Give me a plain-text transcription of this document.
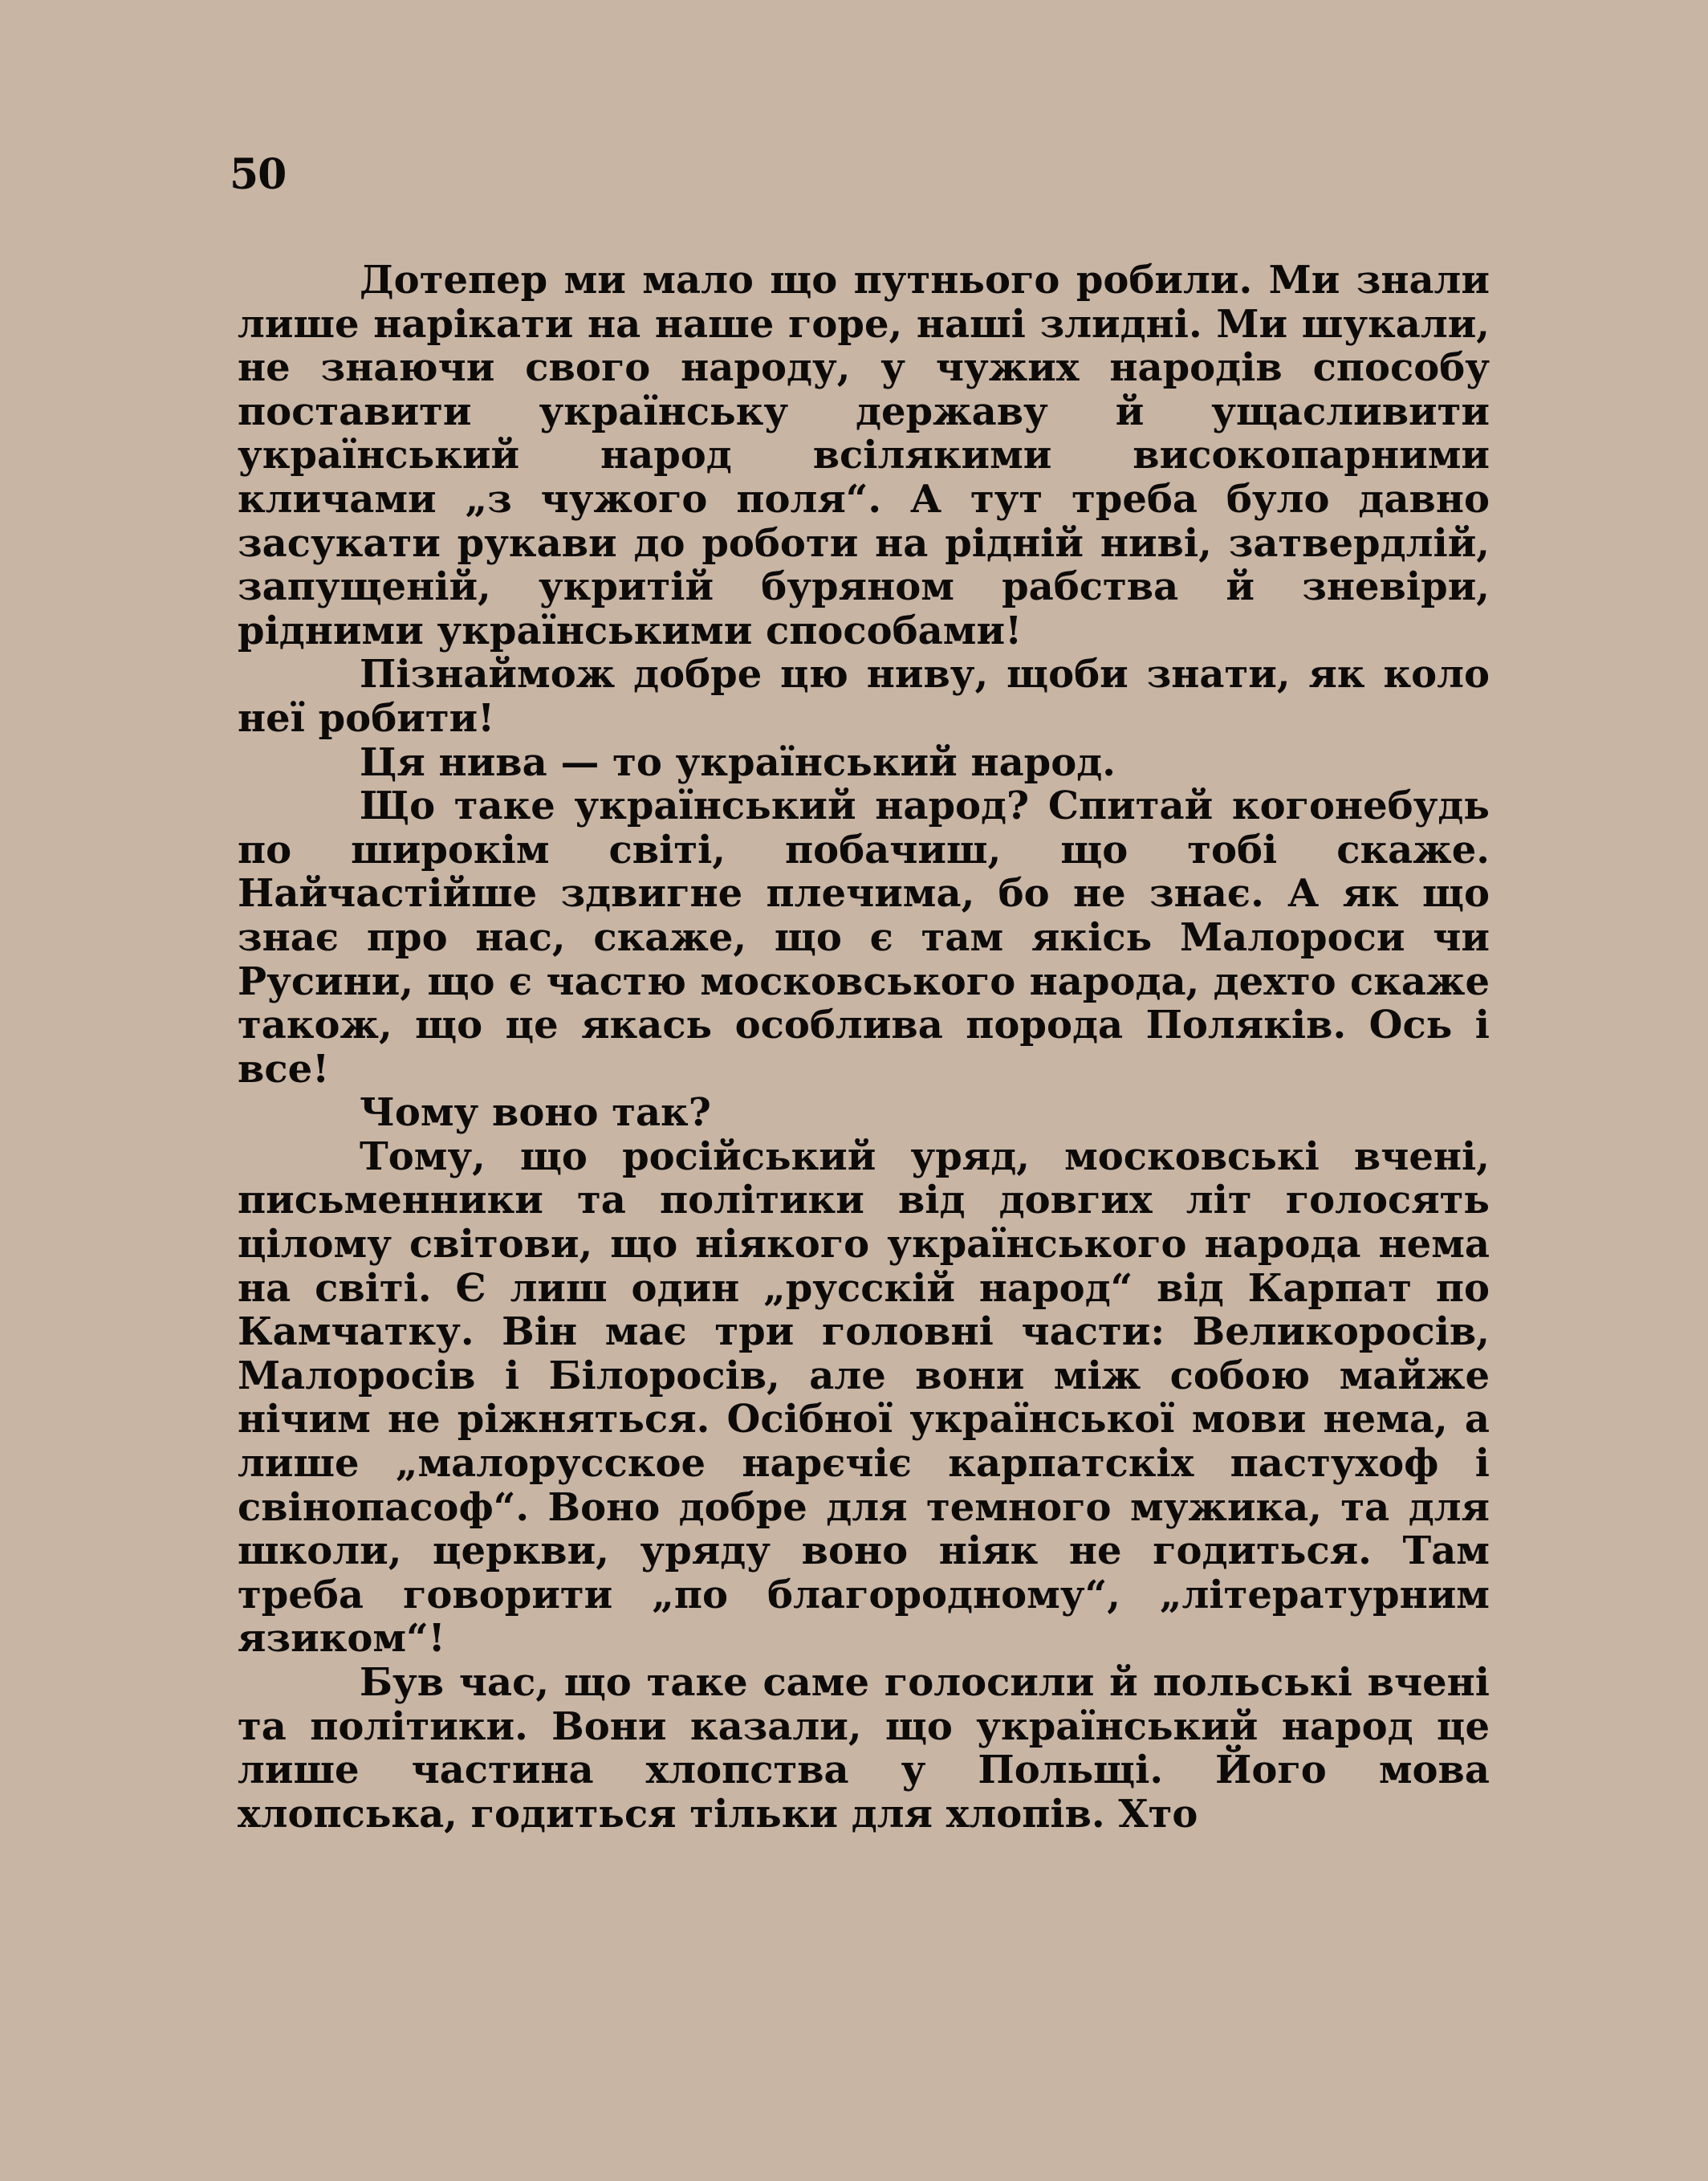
50

Дотепер ми мало що путнього робили. Ми знали лише нарікати на наше горе, наші злидні. Ми шукали, не знаючи свого народу, у чужих народів способу поставити українську державу й ущасливити український народ всілякими високопарними кличами „з чужого поля“. А тут треба було давно засукати рукави до роботи на рідній ниві, затвердлій, запущеній, укритій буряном рабства й зневіри, рідними українськими способами!

Пізнаймож добре цю ниву, щоби знати, як коло неї робити!

Ця нива — то український народ.

Що таке український народ? Спитай когонебудь по широкім світі, побачиш, що тобі скаже. Найчастійше здвигне плечима, бо не знає. А як що знає про нас, скаже, що є там якісь Малороси чи Русини, що є частю московського народа, дехто скаже також, що це якась особлива порода Поляків. Ось і все!

Чому воно так?

Тому, що російський уряд, московські вчені, письменники та політики від довгих літ голосять цілому світови, що ніякого українського народа нема на світі. Є лиш один „русскій народ“ від Карпат по Камчатку. Він має три головні части: Великоросів, Малоросів і Білоросів, але вони між собою майже нічим не ріжняться. Осібної української мови нема, а лише „малорусское нарєчіє карпатскіх пастухоф і свінопасоф“. Воно добре для темного мужика, та для школи, церкви, уряду воно ніяк не годиться. Там треба говорити „по благородному“, „літературним язиком“!

Був час, що таке саме голосили й польські вчені та політики. Вони казали, що український народ це лише частина хлопства у Польщі. Його мова хлопська, годиться тільки для хлопів. Хто
